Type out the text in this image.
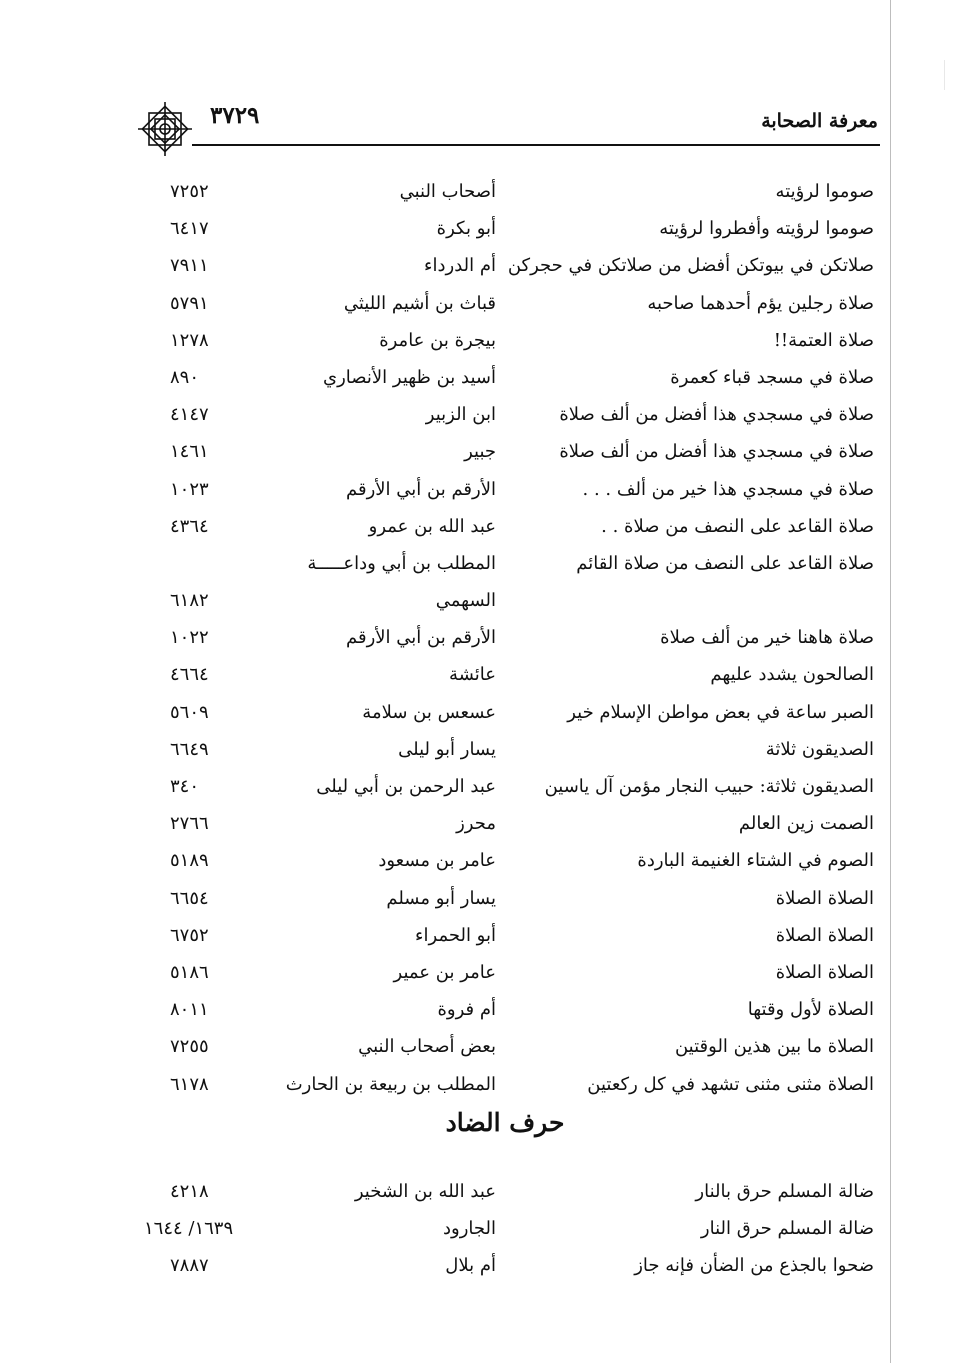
معرفة الصحابة
٣٧٢٩
صوموا لرؤيته
أصحاب النبي
٧٢٥٢
صوموا لرؤيته وأفطروا لرؤيته
أبو بكرة
٦٤١٧
صلاتكن في بيوتكن أفضل من صلاتكن في حجركن
أم الدرداء
٧٩١١
صلاة رجلين يؤم أحدهما صاحبه
قباث بن أشيم الليثي
٥٧٩١
صلاة العتمة!!
بيجرة بن عامرة
١٢٧٨
صلاة في مسجد قباء كعمرة
أسيد بن ظهير الأنصاري
٨٩٠
صلاة في مسجدي هذا أفضل من ألف صلاة
ابن الزبير
٤١٤٧
صلاة في مسجدي هذا أفضل من ألف صلاة
جبير
١٤٦١
صلاة في مسجدي هذا خير من ألف . . .
الأرقم بن أبي الأرقم
١٠٢٣
صلاة القاعد على النصف من صلاة . .
عبد الله بن عمرو
٤٣٦٤
صلاة القاعد على النصف من صلاة القائم
المطلب بن أبي وداعـــــة
السهمي
٦١٨٢
صلاة هاهنا خير من ألف صلاة
الأرقم بن أبي الأرقم
١٠٢٢
الصالحون يشدد عليهم
عائشة
٤٦٦٤
الصبر ساعة في بعض مواطن الإسلام خير
عسعس بن سلامة
٥٦٠٩
الصديقون ثلاثة
يسار أبو ليلى
٦٦٤٩
الصديقون ثلاثة: حبيب النجار مؤمن آل ياسين
عبد الرحمن بن أبي ليلى
٣٤٠
الصمت زين العالم
محرز
٢٧٦٦
الصوم في الشتاء الغنيمة الباردة
عامر بن مسعود
٥١٨٩
الصلاة الصلاة
يسار أبو مسلم
٦٦٥٤
الصلاة الصلاة
أبو الحمراء
٦٧٥٢
الصلاة الصلاة
عامر بن عمير
٥١٨٦
الصلاة لأول وقتها
أم فروة
٨٠١١
الصلاة ما بين هذين الوقتين
بعض أصحاب النبي
٧٢٥٥
الصلاة مثنى مثنى تشهد في كل ركعتين
المطلب بن ربيعة بن الحارث
٦١٧٨
حرف الضاد
ضالة المسلم حرق بالنار
عبد الله بن الشخير
٤٢١٨
ضالة المسلم حرق النار
الجارود
١٦٣٩/ ١٦٤٤
ضحوا بالجذع من الضأن فإنه جاز
أم بلال
٧٨٨٧
